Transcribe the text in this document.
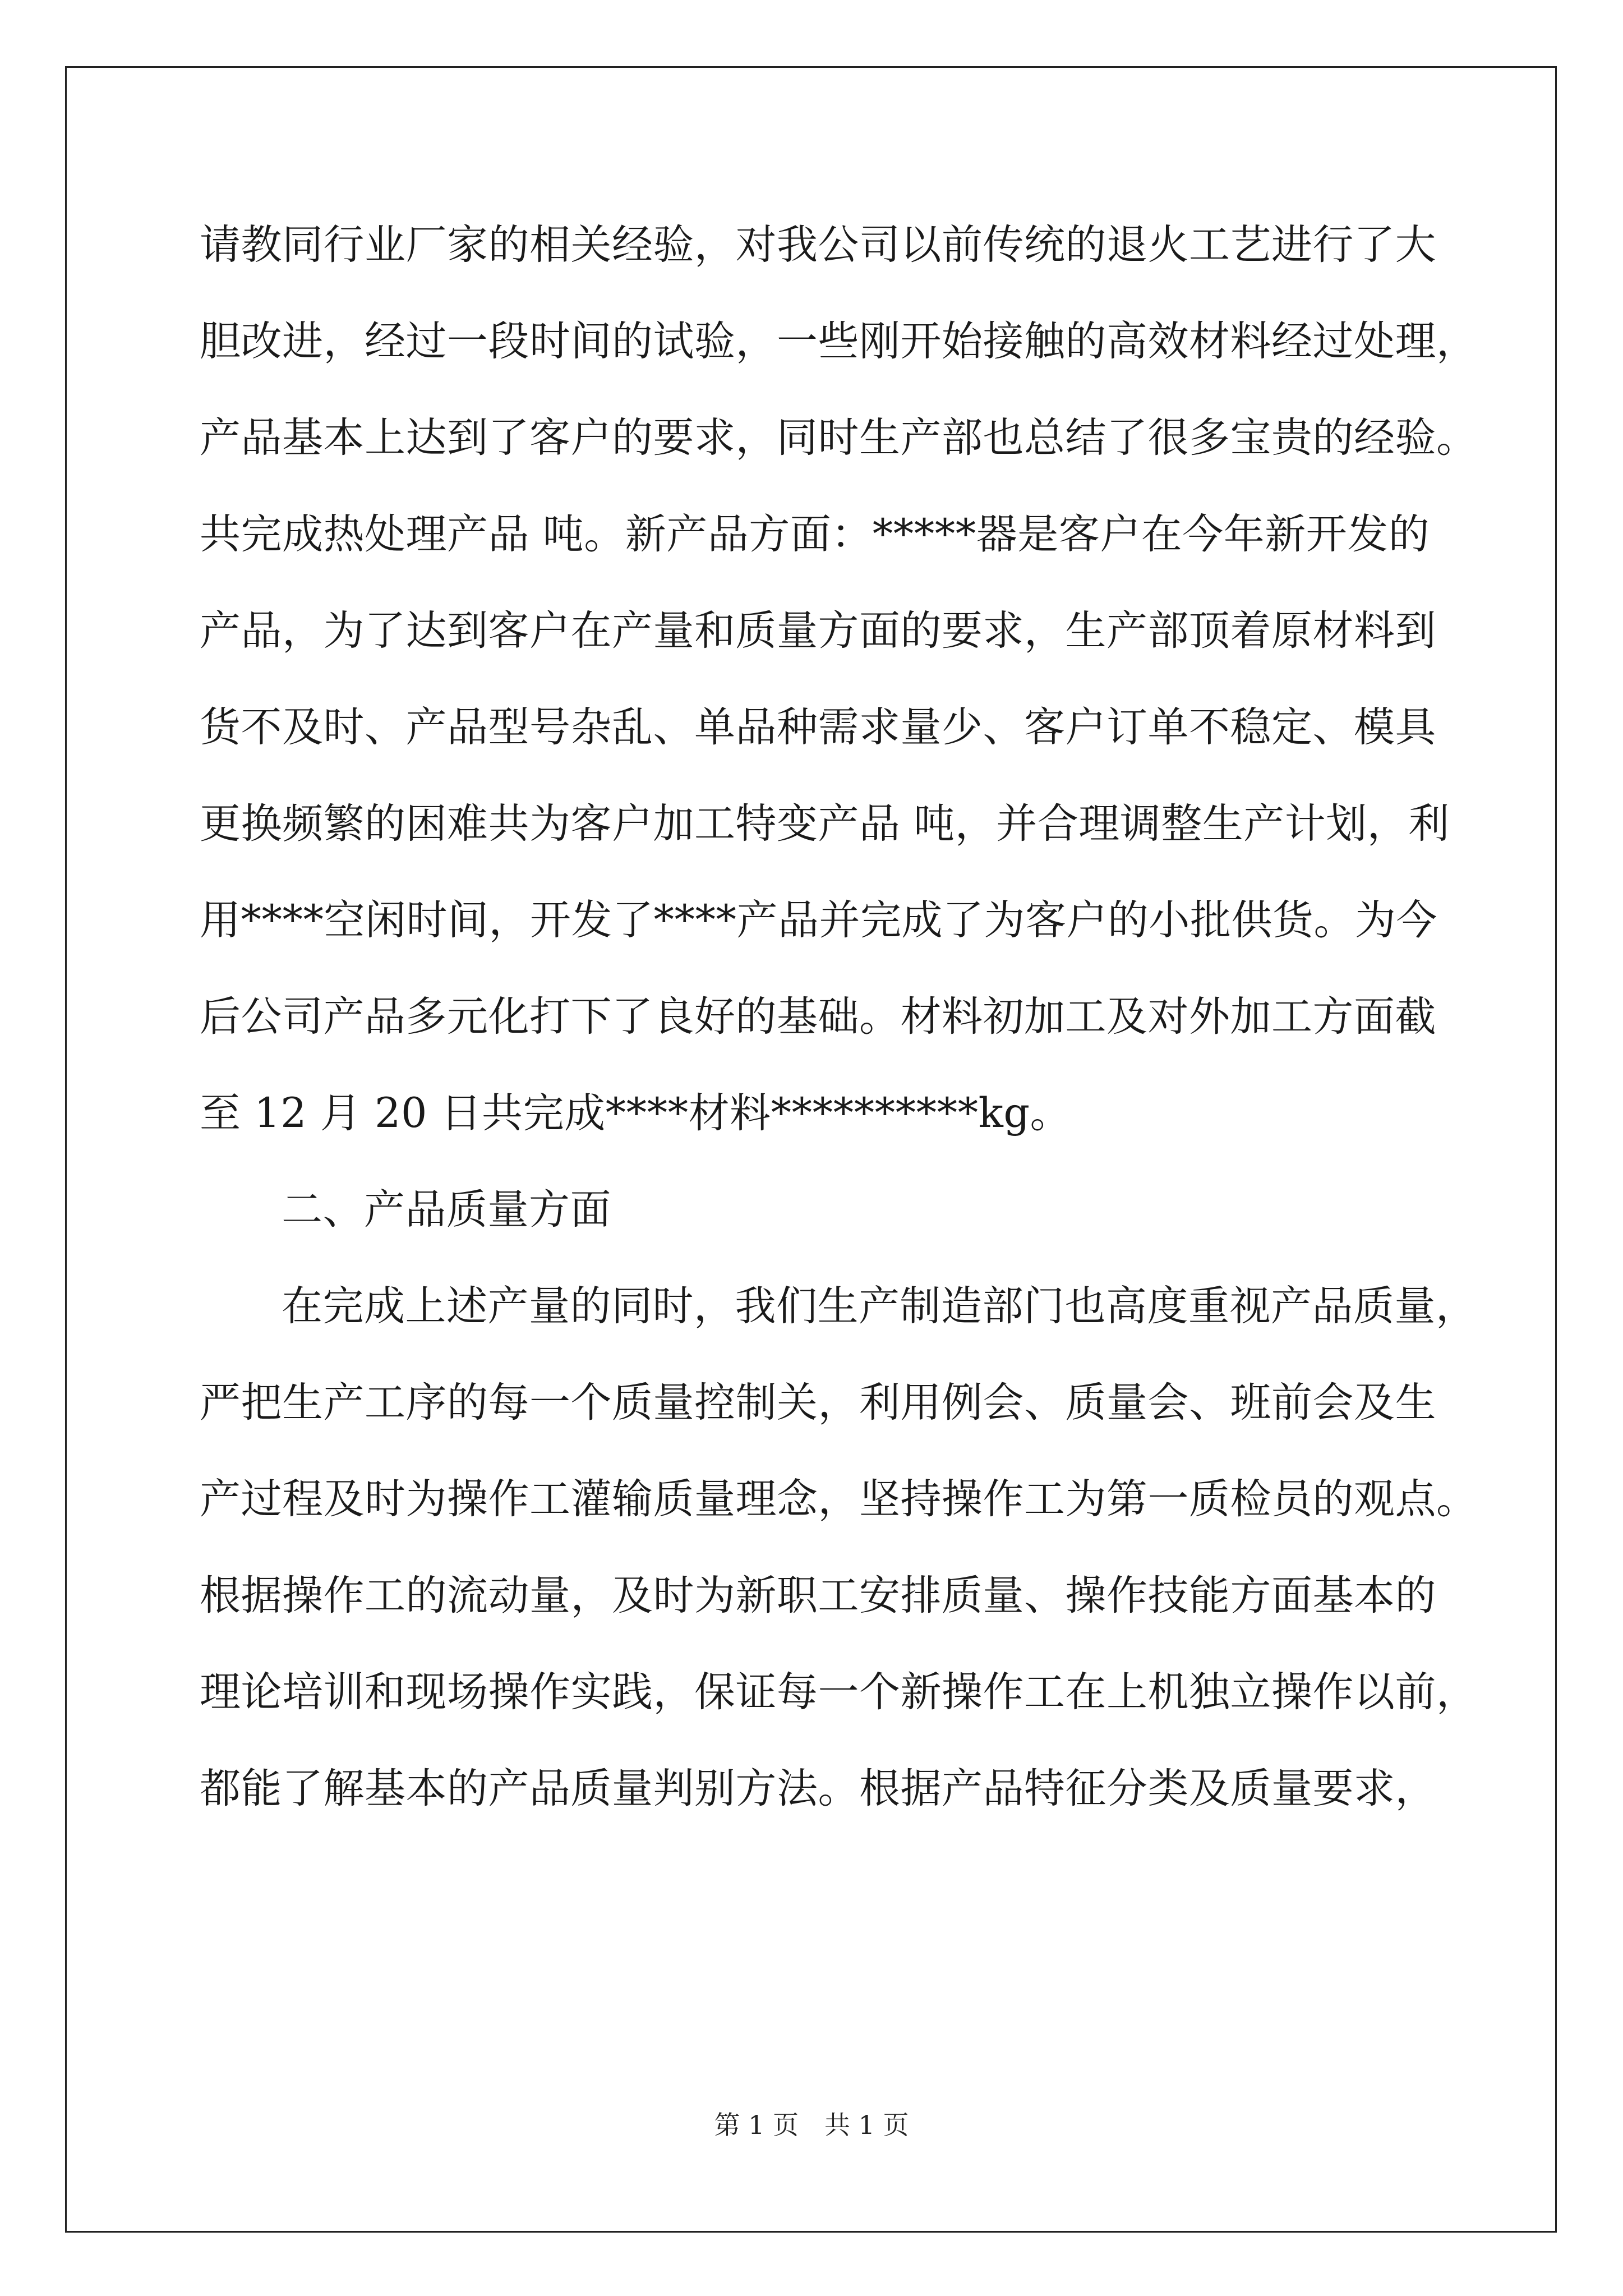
请教同行业厂家的相关经验，对我公司以前传统的退火工艺进行了大
胆改进，经过一段时间的试验，一些刚开始接触的高效材料经过处理，
产品基本上达到了客户的要求，同时生产部也总结了很多宝贵的经验。
共完成热处理产品 吨。新产品方面：*****器是客户在今年新开发的
产品，为了达到客户在产量和质量方面的要求，生产部顶着原材料到
货不及时、产品型号杂乱、单品种需求量少、客户订单不稳定、模具
更换频繁的困难共为客户加工特变产品 吨，并合理调整生产计划，利
用****空闲时间，开发了****产品并完成了为客户的小批供货。为今
后公司产品多元化打下了良好的基础。材料初加工及对外加工方面截
至 12 月 20 日共完成****材料**********kg。
二、产品质量方面
在完成上述产量的同时，我们生产制造部门也高度重视产品质量，
严把生产工序的每一个质量控制关，利用例会、质量会、班前会及生
产过程及时为操作工灌输质量理念，坚持操作工为第一质检员的观点。
根据操作工的流动量，及时为新职工安排质量、操作技能方面基本的
理论培训和现场操作实践，保证每一个新操作工在上机独立操作以前，
都能了解基本的产品质量判别方法。根据产品特征分类及质量要求，
第 1 页　共 1 页
